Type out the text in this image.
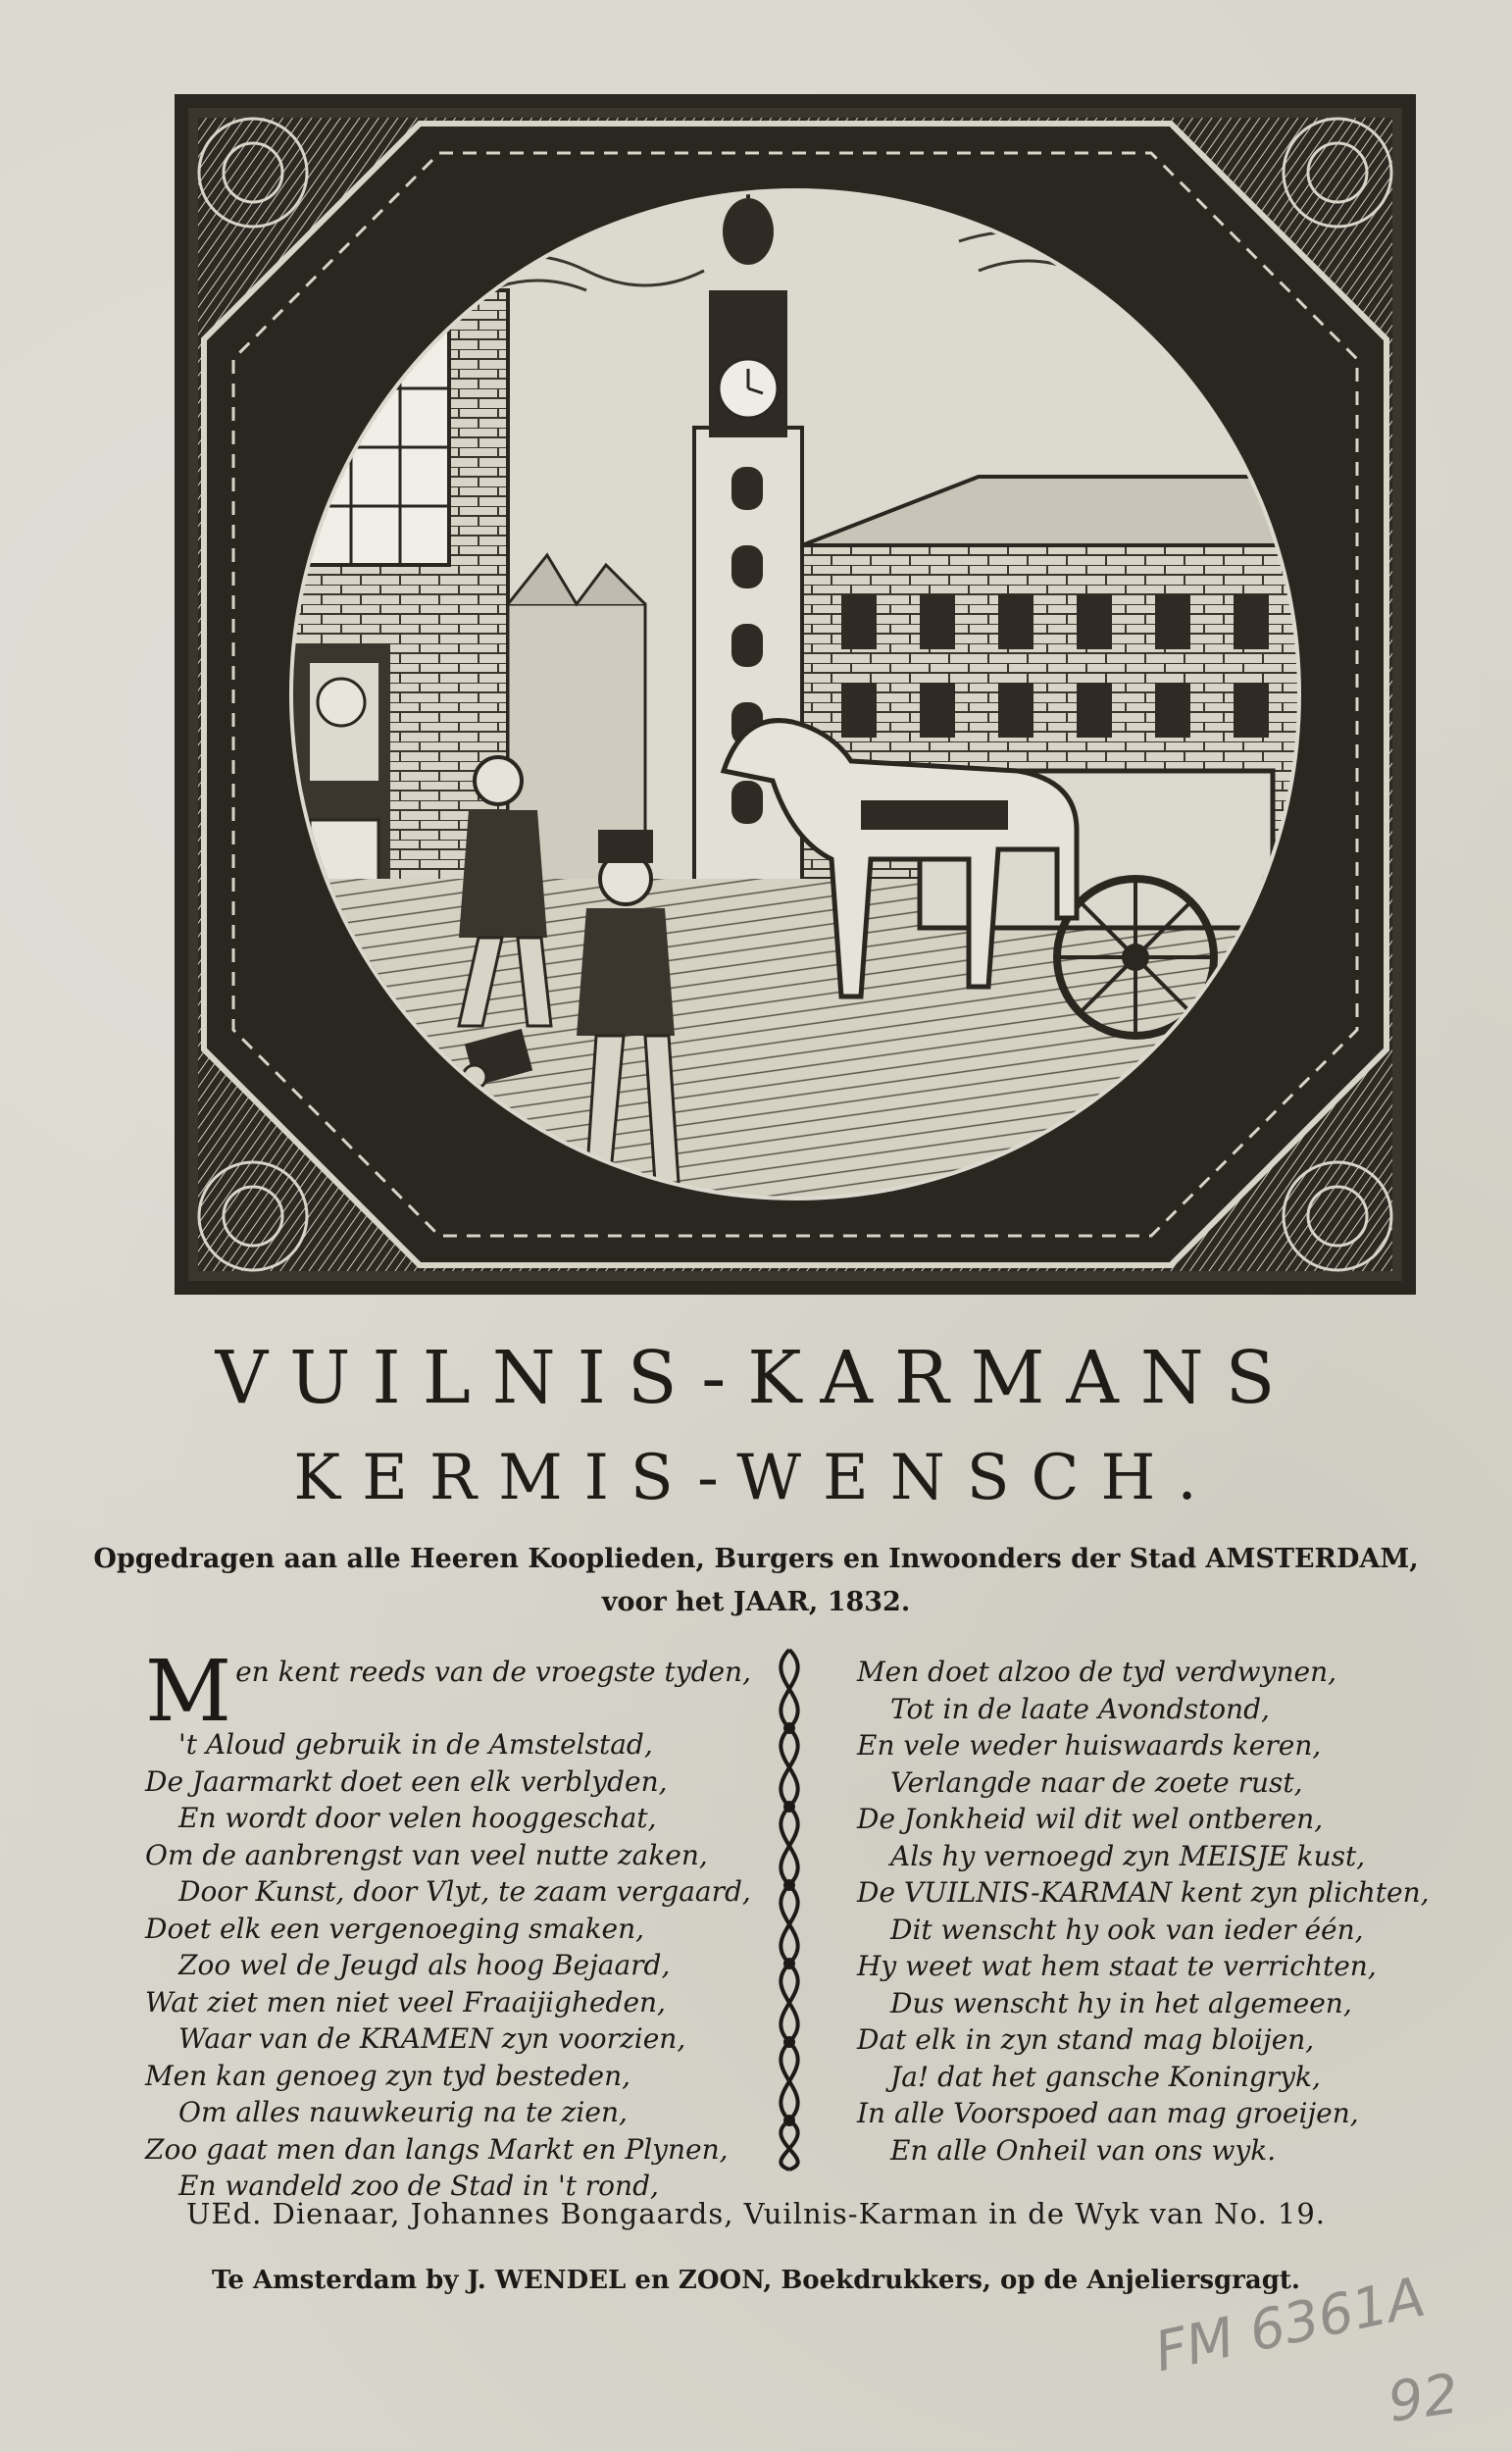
VUILNIS-KARMANS
KERMIS-WENSCH.
Opgedragen aan alle Heeren Kooplieden, Burgers en Inwoonders der Stad AMSTERDAM,
voor het JAAR, 1832.
Men kent reeds van de vroegste tyden,
't Aloud gebruik in de Amstelstad,
De Jaarmarkt doet een elk verblyden,
En wordt door velen hooggeschat,
Om de aanbrengst van veel nutte zaken,
Door Kunst, door Vlyt, te zaam vergaard,
Doet elk een vergenoeging smaken,
Zoo wel de Jeugd als hoog Bejaard,
Wat ziet men niet veel Fraaijigheden,
Waar van de KRAMEN zyn voorzien,
Men kan genoeg zyn tyd besteden,
Om alles nauwkeurig na te zien,
Zoo gaat men dan langs Markt en Plynen,
En wandeld zoo de Stad in 't rond,
Men doet alzoo de tyd verdwynen,
Tot in de laate Avondstond,
En vele weder huiswaards keren,
Verlangde naar de zoete rust,
De Jonkheid wil dit wel ontberen,
Als hy vernoegd zyn MEISJE kust,
De VUILNIS-KARMAN kent zyn plichten,
Dit wenscht hy ook van ieder één,
Hy weet wat hem staat te verrichten,
Dus wenscht hy in het algemeen,
Dat elk in zyn stand mag bloijen,
Ja! dat het gansche Koningryk,
In alle Voorspoed aan mag groeijen,
En alle Onheil van ons wyk.
UEd. Dienaar, Johannes Bongaards, Vuilnis-Karman in de Wyk van No. 19.
Te Amsterdam by J. WENDEL en ZOON, Boekdrukkers, op de Anjeliersgragt.
FM 6361A
92
